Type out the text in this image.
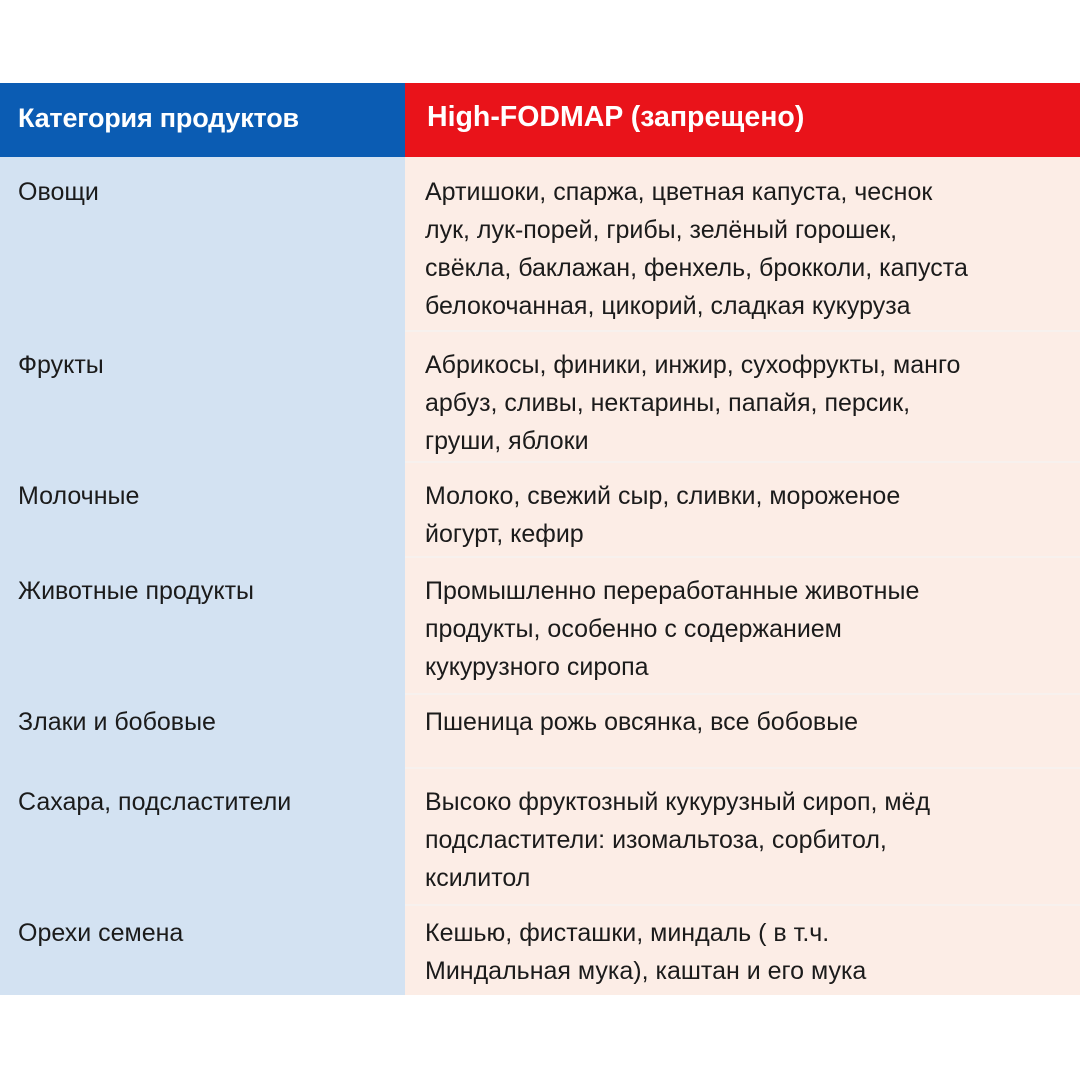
Категория продуктов	High-FODMAP (запрещено)
Овощи	Артишоки, спаржа, цветная капуста, чеснок
лук, лук-порей, грибы, зелёный горошек,
свёкла, баклажан, фенхель, брокколи, капуста
белокочанная, цикорий, сладкая кукуруза
Фрукты	Абрикосы, финики, инжир, сухофрукты, манго
арбуз, сливы, нектарины, папайя, персик,
груши, яблоки
Молочные	Молоко, свежий сыр, сливки, мороженое
йогурт, кефир
Животные продукты	Промышленно переработанные животные
продукты, особенно с содержанием
кукурузного сиропа
Злаки и бобовые	Пшеница рожь овсянка, все бобовые
Сахара, подсластители	Высоко фруктозный кукурузный сироп, мёд
подсластители: изомальтоза, сорбитол,
ксилитол
Орехи семена	Кешью, фисташки, миндаль ( в т.ч.
Миндальная мука), каштан и его мука
